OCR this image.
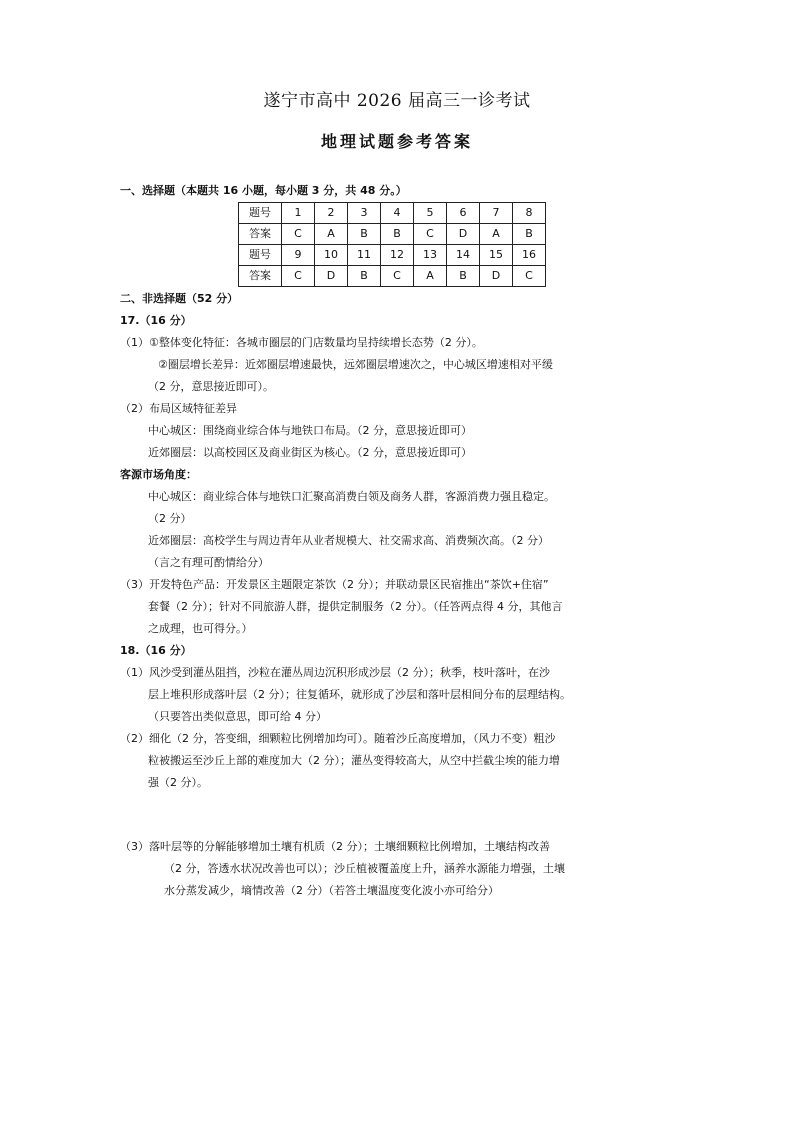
遂宁市高中 2026 届高三一诊考试
地理试题参考答案
一、选择题（本题共 16 小题，每小题 3 分，共 48 分。）
题号	1	2	3	4	5	6	7	8
答案	C	A	B	B	C	D	A	B
题号	9	10	11	12	13	14	15	16
答案	C	D	B	C	A	B	D	C
二、非选择题（52 分）
17.（16 分）
（1）①整体变化特征：各城市圈层的门店数量均呈持续增长态势（2 分）。
②圈层增长差异：近郊圈层增速最快，远郊圈层增速次之，中心城区增速相对平缓
（2 分，意思接近即可）。
（2）布局区域特征差异
中心城区：围绕商业综合体与地铁口布局。（2 分，意思接近即可）
近郊圈层：以高校园区及商业街区为核心。（2 分，意思接近即可）
客源市场角度：
中心城区：商业综合体与地铁口汇聚高消费白领及商务人群，客源消费力强且稳定。
（2 分）
近郊圈层：高校学生与周边青年从业者规模大、社交需求高、消费频次高。（2 分）
（言之有理可酌情给分）
（3）开发特色产品：开发景区主题限定茶饮（2 分）；并联动景区民宿推出“茶饮+住宿”
套餐（2 分）；针对不同旅游人群，提供定制服务（2 分）。（任答两点得 4 分，其他言
之成理，也可得分。）
18.（16 分）
（1）风沙受到灌丛阻挡，沙粒在灌丛周边沉积形成沙层（2 分）；秋季，枝叶落叶，在沙
层上堆积形成落叶层（2 分）；往复循环，就形成了沙层和落叶层相间分布的层理结构。
（只要答出类似意思，即可给 4 分）
（2）细化（2 分，答变细，细颗粒比例增加均可）。随着沙丘高度增加，（风力不变）粗沙
粒被搬运至沙丘上部的难度加大（2 分）；灌丛变得较高大，从空中拦截尘埃的能力增
强（2 分）。
（3）落叶层等的分解能够增加土壤有机质（2 分）；土壤细颗粒比例增加，土壤结构改善
（2 分，答透水状况改善也可以）；沙丘植被覆盖度上升，涵养水源能力增强，土壤
水分蒸发减少，墒情改善（2 分）（若答土壤温度变化波小亦可给分）
